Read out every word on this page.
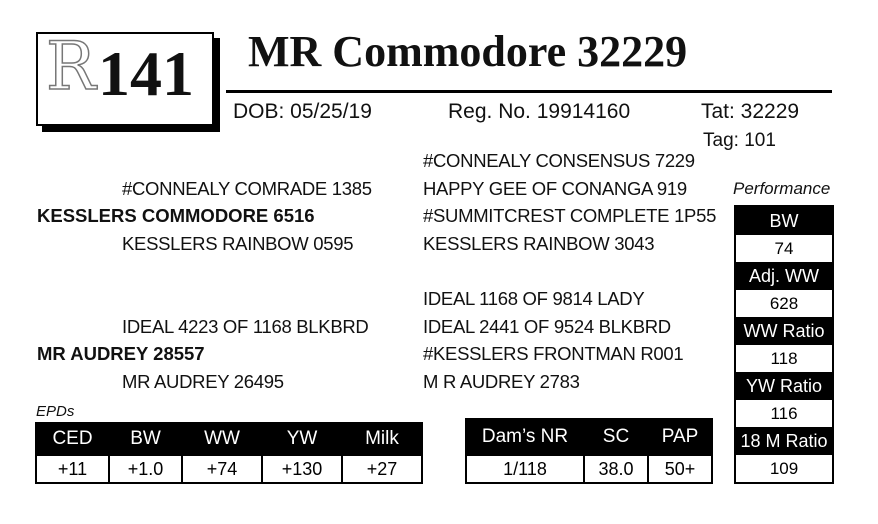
R 141 MR Commodore 32229
DOB: 05/25/19	Reg. No. 19914160	Tat: 32229
Tag: 101
#CONNEALY CONSENSUS 7229
#CONNEALY COMRADE 1385	HAPPY GEE OF CONANGA 919
KESSLERS COMMODORE 6516	#SUMMITCREST COMPLETE 1P55
KESSLERS RAINBOW 0595	KESSLERS RAINBOW 3043
IDEAL 1168 OF 9814 LADY
IDEAL 4223 OF 1168 BLKBRD	IDEAL 2441 OF 9524 BLKBRD
MR AUDREY 28557	#KESSLERS FRONTMAN R001
MR AUDREY 26495	M R AUDREY 2783
Performance
BW
74
Adj. WW
628
WW Ratio
118
YW Ratio
116
18 M Ratio
109
EPDs
CED	BW	WW	YW	Milk
+11	+1.0	+74	+130	+27
Dam’s NR	SC	PAP
1/118	38.0	50+
